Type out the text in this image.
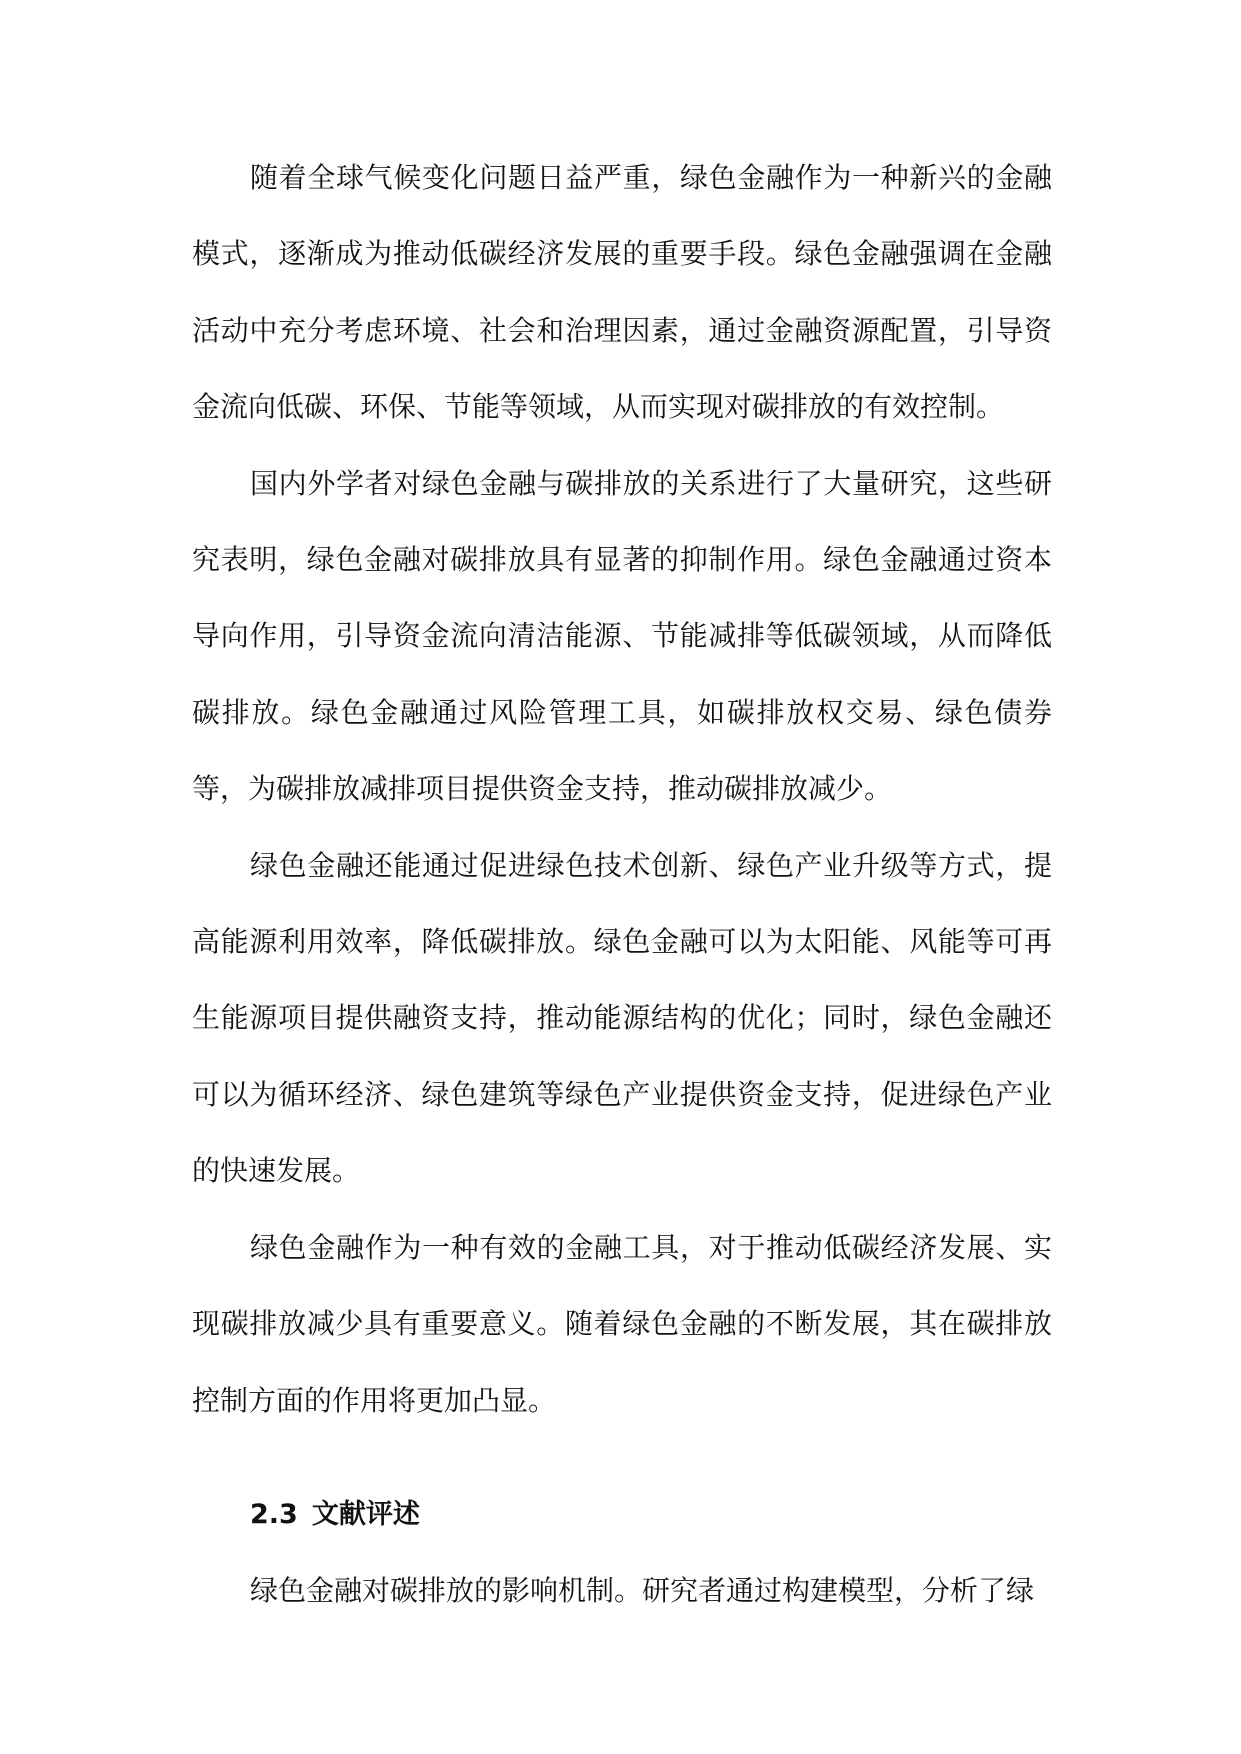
随着全球气候变化问题日益严重，绿色金融作为一种新兴的金融模式，逐渐成为推动低碳经济发展的重要手段。绿色金融强调在金融活动中充分考虑环境、社会和治理因素，通过金融资源配置，引导资金流向低碳、环保、节能等领域，从而实现对碳排放的有效控制。

国内外学者对绿色金融与碳排放的关系进行了大量研究，这些研究表明，绿色金融对碳排放具有显著的抑制作用。绿色金融通过资本导向作用，引导资金流向清洁能源、节能减排等低碳领域，从而降低碳排放。绿色金融通过风险管理工具，如碳排放权交易、绿色债券等，为碳排放减排项目提供资金支持，推动碳排放减少。

绿色金融还能通过促进绿色技术创新、绿色产业升级等方式，提高能源利用效率，降低碳排放。绿色金融可以为太阳能、风能等可再生能源项目提供融资支持，推动能源结构的优化；同时，绿色金融还可以为循环经济、绿色建筑等绿色产业提供资金支持，促进绿色产业的快速发展。

绿色金融作为一种有效的金融工具，对于推动低碳经济发展、实现碳排放减少具有重要意义。随着绿色金融的不断发展，其在碳排放控制方面的作用将更加凸显。

2.3 文献评述

绿色金融对碳排放的影响机制。研究者通过构建模型，分析了绿
